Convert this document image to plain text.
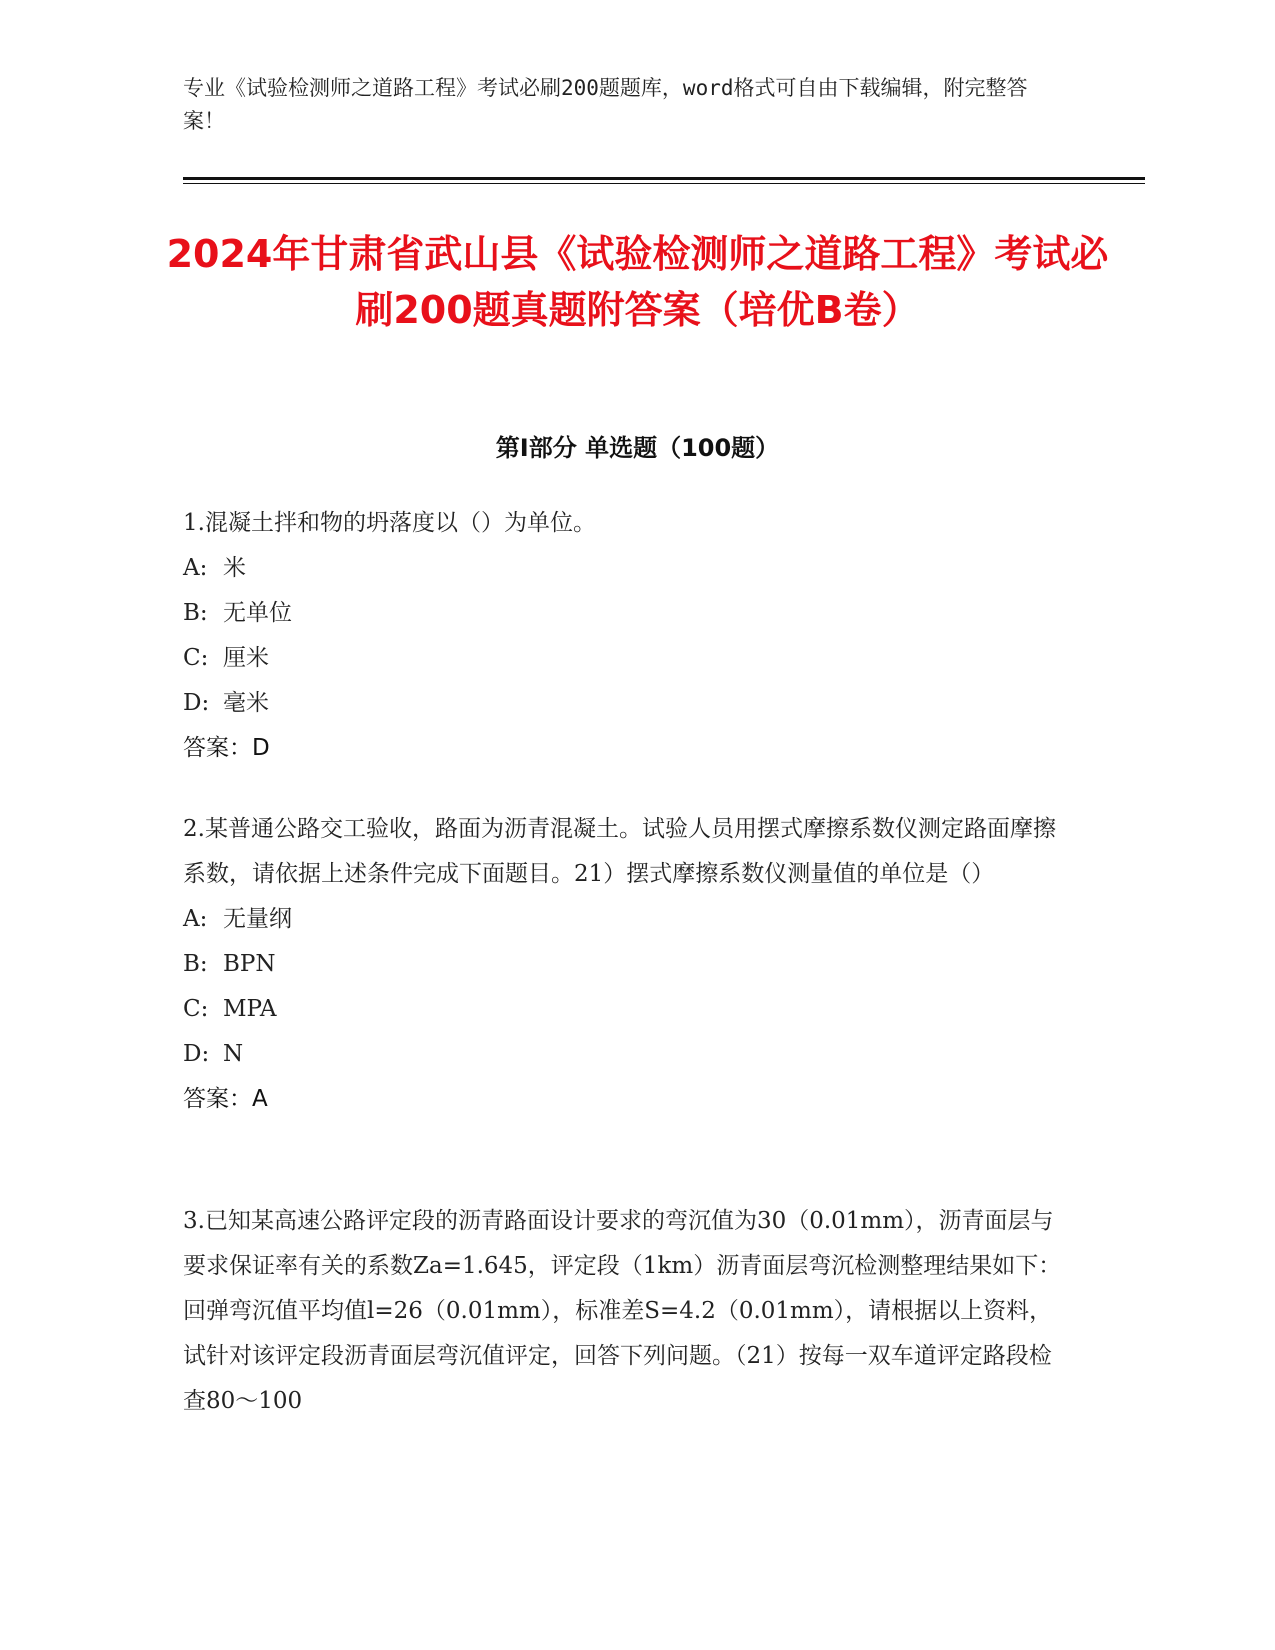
专业《试验检测师之道路工程》考试必刷200题题库，word格式可自由下载编辑，附完整答案！
2024年甘肃省武山县《试验检测师之道路工程》考试必刷200题真题附答案（培优B卷）
第I部分 单选题（100题）

1.混凝土拌和物的坍落度以（）为单位。

A: 米

B: 无单位

C: 厘米

D: 毫米

答案：D

2.某普通公路交工验收，路面为沥青混凝土。试验人员用摆式摩擦系数仪测定路面摩擦系数，请依据上述条件完成下面题目。21）摆式摩擦系数仪测量值的单位是（）

A: 无量纲

B: BPN

C: MPA

D: N

答案：A

3.已知某高速公路评定段的沥青路面设计要求的弯沉值为30（0.01mm），沥青面层与要求保证率有关的系数Za=1.645，评定段（1km）沥青面层弯沉检测整理结果如下：回弹弯沉值平均值l=26（0.01mm），标准差S=4.2（0.01mm），请根据以上资料，试针对该评定段沥青面层弯沉值评定，回答下列问题。（21）按每一双车道评定路段检查80～100
